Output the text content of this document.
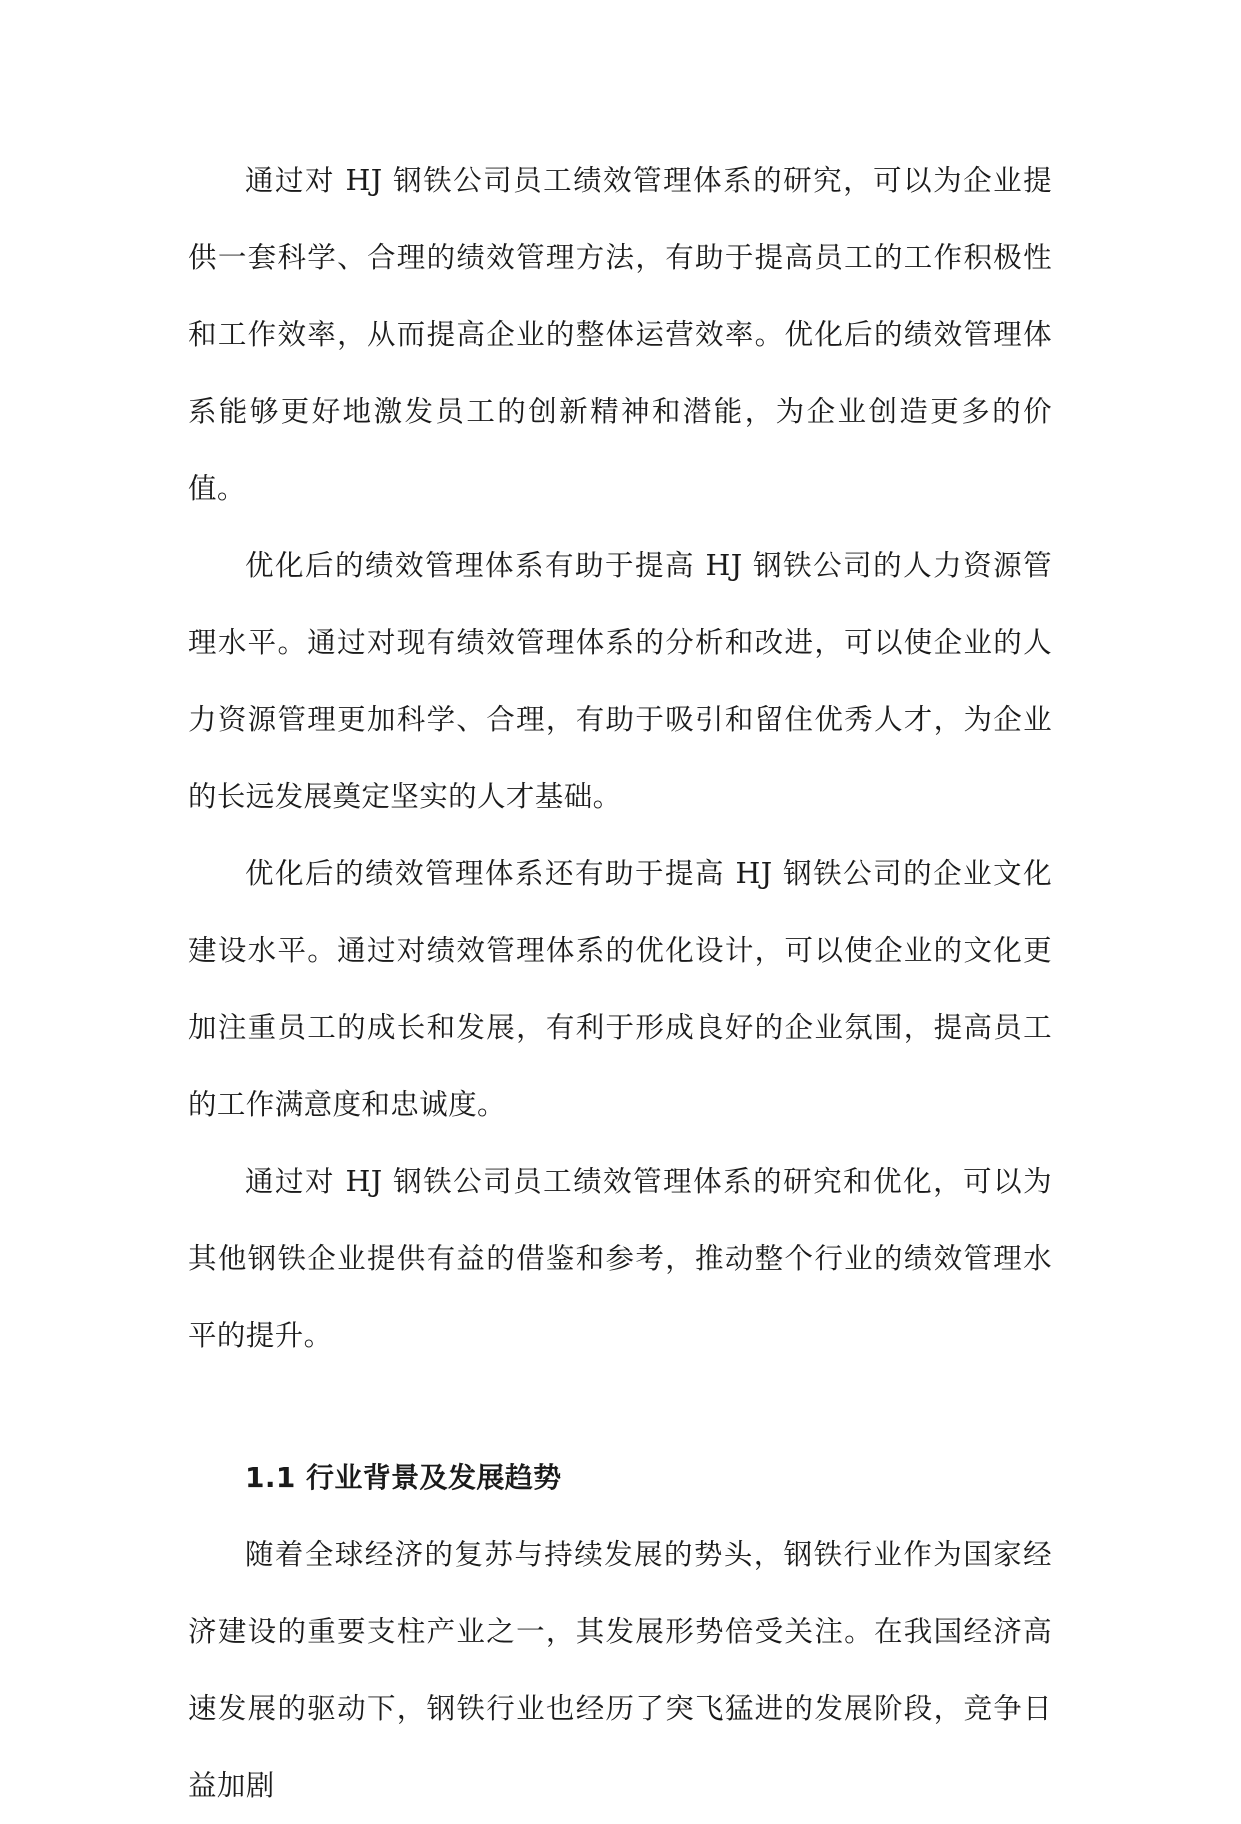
通过对 HJ 钢铁公司员工绩效管理体系的研究，可以为企业提供一套科学、合理的绩效管理方法，有助于提高员工的工作积极性和工作效率，从而提高企业的整体运营效率。优化后的绩效管理体系能够更好地激发员工的创新精神和潜能，为企业创造更多的价值。

优化后的绩效管理体系有助于提高 HJ 钢铁公司的人力资源管理水平。通过对现有绩效管理体系的分析和改进，可以使企业的人力资源管理更加科学、合理，有助于吸引和留住优秀人才，为企业的长远发展奠定坚实的人才基础。

优化后的绩效管理体系还有助于提高 HJ 钢铁公司的企业文化建设水平。通过对绩效管理体系的优化设计，可以使企业的文化更加注重员工的成长和发展，有利于形成良好的企业氛围，提高员工的工作满意度和忠诚度。

通过对 HJ 钢铁公司员工绩效管理体系的研究和优化，可以为其他钢铁企业提供有益的借鉴和参考，推动整个行业的绩效管理水平的提升。

1.1 行业背景及发展趋势

随着全球经济的复苏与持续发展的势头，钢铁行业作为国家经济建设的重要支柱产业之一，其发展形势倍受关注。在我国经济高速发展的驱动下，钢铁行业也经历了突飞猛进的发展阶段，竞争日益加剧
